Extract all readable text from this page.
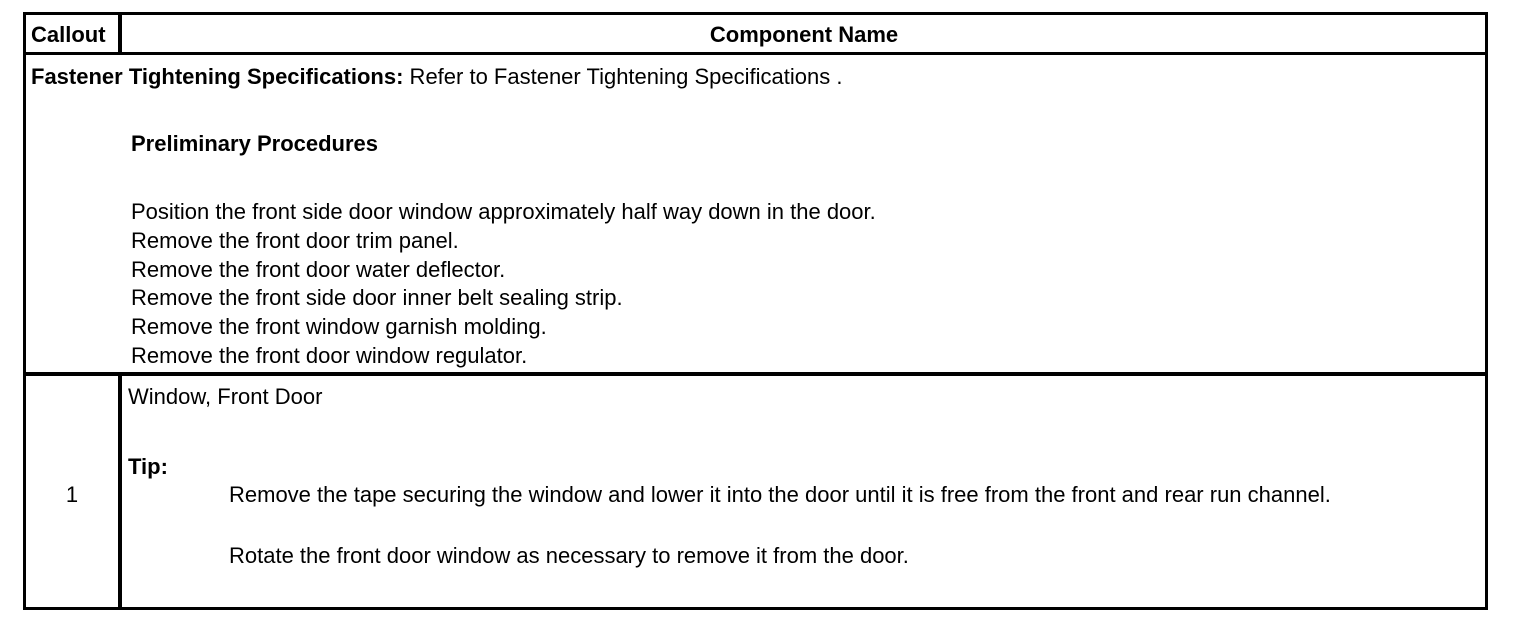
Callout	Component Name
Fastener Tightening Specifications: Refer to Fastener Tightening Specifications .
Preliminary Procedures
Position the front side door window approximately half way down in the door.
Remove the front door trim panel.
Remove the front door water deflector.
Remove the front side door inner belt sealing strip.
Remove the front window garnish molding.
Remove the front door window regulator.
1
Window, Front Door
Tip:
Remove the tape securing the window and lower it into the door until it is free from the front and rear run channel.
Rotate the front door window as necessary to remove it from the door.
